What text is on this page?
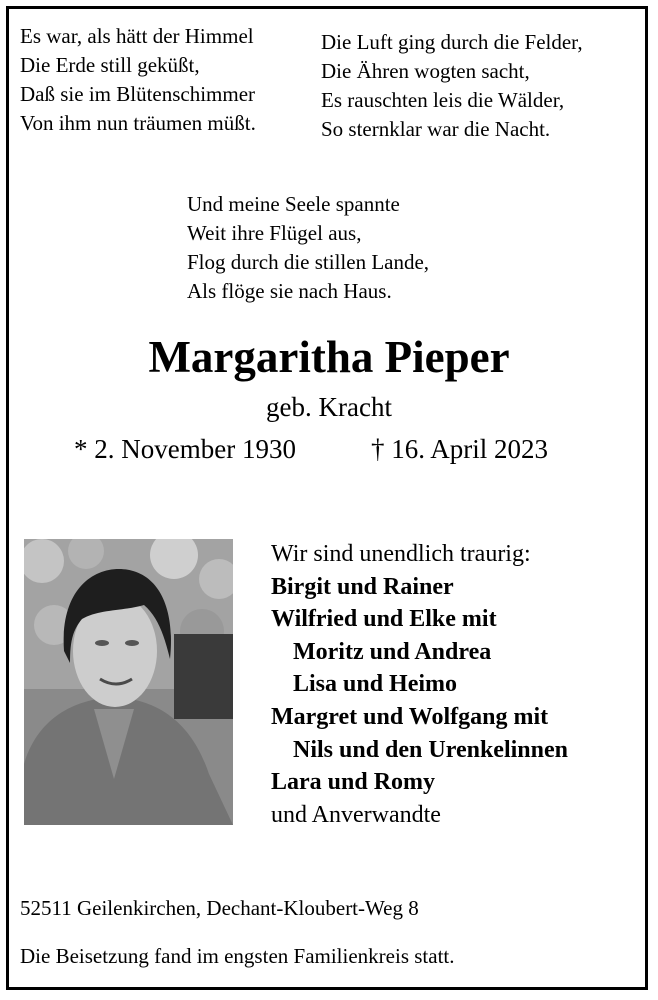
Es war, als hätt der Himmel
Die Erde still geküßt,
Daß sie im Blütenschimmer
Von ihm nun träumen müßt.
Die Luft ging durch die Felder,
Die Ähren wogten sacht,
Es rauschten leis die Wälder,
So sternklar war die Nacht.
Und meine Seele spannte
Weit ihre Flügel aus,
Flog durch die stillen Lande,
Als flöge sie nach Haus.
Margaritha Pieper
geb. Kracht
* 2. November 1930	† 16. April 2023
Wir sind unendlich traurig:
Birgit und Rainer
Wilfried und Elke mit
Moritz und Andrea
Lisa und Heimo
Margret und Wolfgang mit
Nils und den Urenkelinnen
Lara und Romy
und Anverwandte
52511 Geilenkirchen, Dechant-Kloubert-Weg 8
Die Beisetzung fand im engsten Familienkreis statt.
